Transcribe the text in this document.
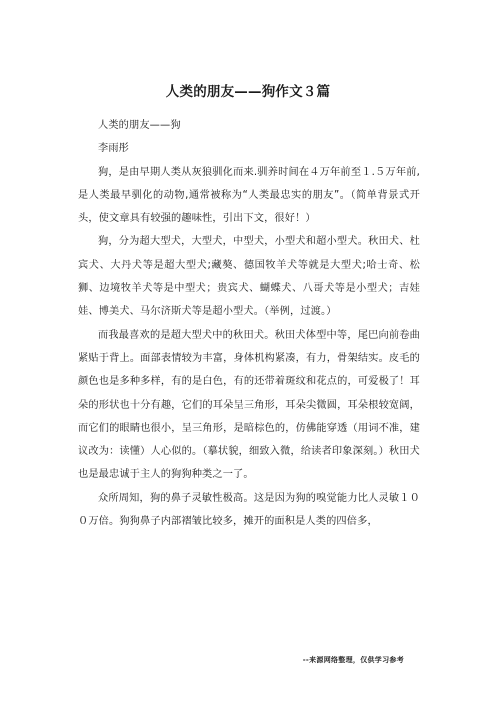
人类的朋友——狗作文３篇

人类的朋友——狗

李雨彤

狗，是由早期人类从灰狼驯化而来.驯养时间在４万年前至１.５万年前,是人类最早驯化的动物,通常被称为“人类最忠实的朋友”。（简单背景式开头，使文章具有较强的趣味性，引出下文，很好！）

狗，分为超大型犬，大型犬，中型犬，小型犬和超小型犬。秋田犬、杜宾犬、大丹犬等是超大型犬;藏獒、德国牧羊犬等就是大型犬;哈士奇、松狮、边境牧羊犬等是中型犬；贵宾犬、蝴蝶犬、八哥犬等是小型犬；吉娃娃、博美犬、马尔济斯犬等是超小型犬。（举例，过渡。）

而我最喜欢的是超大型犬中的秋田犬。秋田犬体型中等，尾巴向前卷曲紧贴于背上。面部表情较为丰富，身体机构紧凑，有力，骨架结实。皮毛的颜色也是多种多样，有的是白色，有的还带着斑纹和花点的，可爱极了！耳朵的形状也十分有趣，它们的耳朵呈三角形，耳朵尖微圆，耳朵根较宽阔，而它们的眼睛也很小，呈三角形，是暗棕色的，仿佛能穿透（用词不准，建议改为：读懂）人心似的。（摹状貌，细致入微，给读者印象深刻。）秋田犬也是最忠诚于主人的狗狗种类之一了。

众所周知，狗的鼻子灵敏性极高。这是因为狗的嗅觉能力比人灵敏１００万倍。狗狗鼻子内部褶皱比较多，摊开的面积是人类的四倍多，

--来源网络整理，仅供学习参考
